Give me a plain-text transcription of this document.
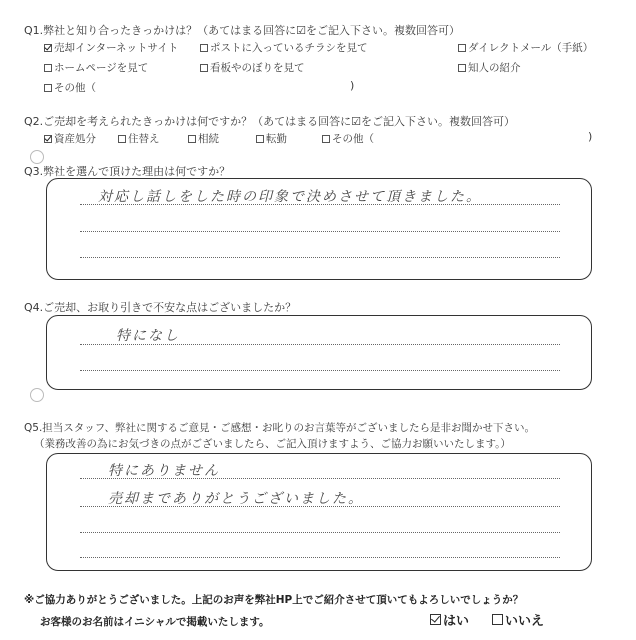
Q1.弊社と知り合ったきっかけは？（あてはまる回答に☑をご記入下さい。複数回答可）
売却インターネットサイト	ポストに入っているチラシを見て	ダイレクトメール（手紙）
ホームページを見て	看板やのぼりを見て	知人の紹介
その他（	)
Q2.ご売却を考えられたきっかけは何ですか？（あてはまる回答に☑をご記入下さい。複数回答可）
資産処分	住替え	相続	転勤	その他（	)
Q3.弊社を選んで頂けた理由は何ですか？
対応し話しをした時の印象で決めさせて頂きました。
Q4.ご売却、お取り引きで不安な点はございましたか？
特になし
Q5.担当スタッフ、弊社に関するご意見・ご感想・お叱りのお言葉等がございましたら是非お聞かせ下さい。
（業務改善の為にお気づきの点がございましたら、ご記入頂けますよう、ご協力お願いいたします。）
特にありません
売却までありがとうございました。
※ご協力ありがとうございました。上記のお声を弊社HP上でご紹介させて頂いてもよろしいでしょうか？
お客様のお名前はイニシャルで掲載いたします。	はい	いいえ
